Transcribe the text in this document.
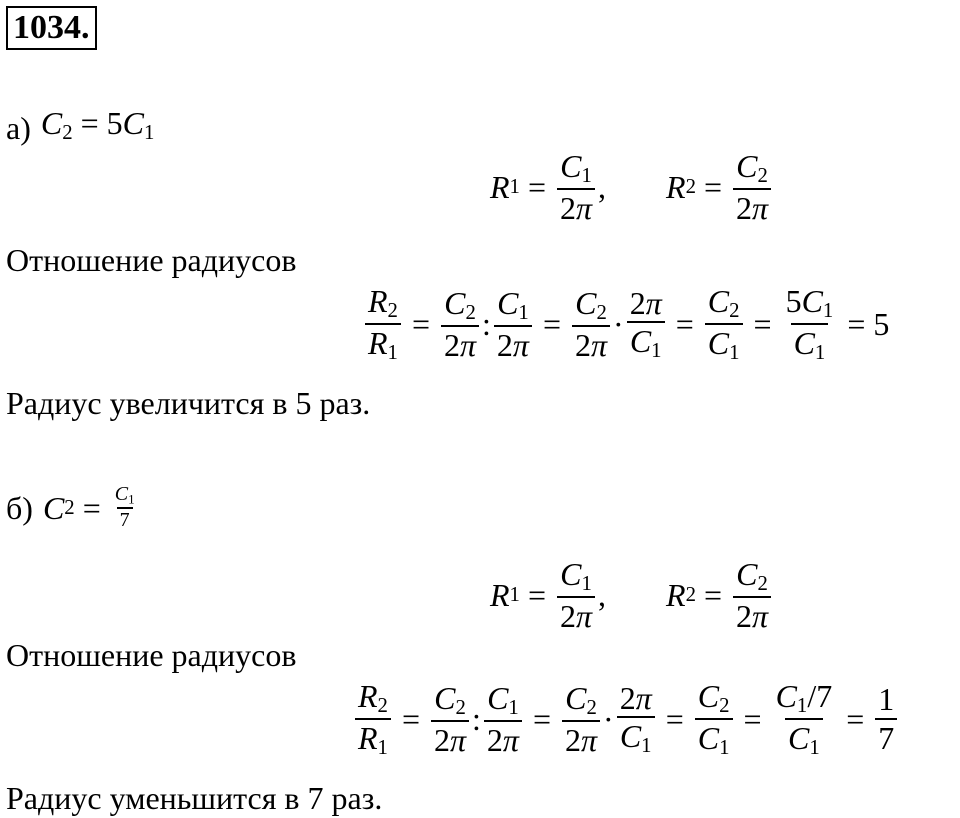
1034.
а) $C_2 = 5C_1$
R $1 = \frac{C_1}{2\pi}$ , R $2 = \frac{C_2}{2\pi}$
Отношение радиусов
$\frac{R_2}{R_1} = \frac{C_2}{2\pi}$ : $\frac{C_1}{2\pi} = \frac{C_2}{2\pi} \cdot \frac{2\pi}{C_1} = \frac{C_2}{C_1} = \frac{5C_1}{C_1} = 5$
Радиус увеличится в 5 раз.
б) C $2 = \frac{C_1}{7}$
R $1 = \frac{C_1}{2\pi}$ , R $2 = \frac{C_2}{2\pi}$
Отношение радиусов
$\frac{R_2}{R_1} = \frac{C_2}{2\pi}$ : $\frac{C_1}{2\pi} = \frac{C_2}{2\pi} \cdot \frac{2\pi}{C_1} = \frac{C_2}{C_1} = \frac{C_1/7}{C_1} = \frac{1}{7}$
Радиус уменьшится в 7 раз.
